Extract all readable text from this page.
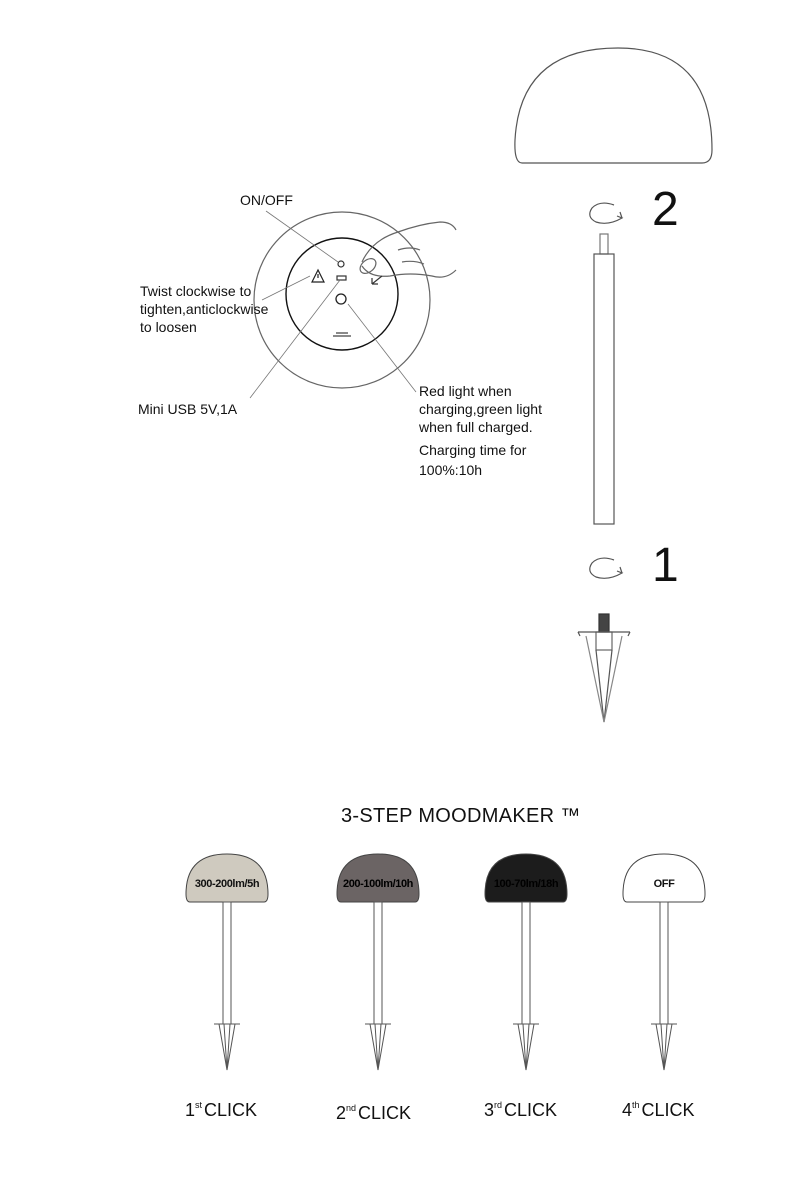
2
1
ON/OFF
Twist clockwise to
tighten,anticlockwise
to loosen
Mini USB 5V,1A
Red light when
charging,green light
when full charged.
Charging time for
100%:10h
3-STEP MOODMAKER ™
300-200lm/5h
1st CLICK
200-100lm/10h
2nd CLICK
100-70lm/18h
3rd CLICK
OFF
4th CLICK
